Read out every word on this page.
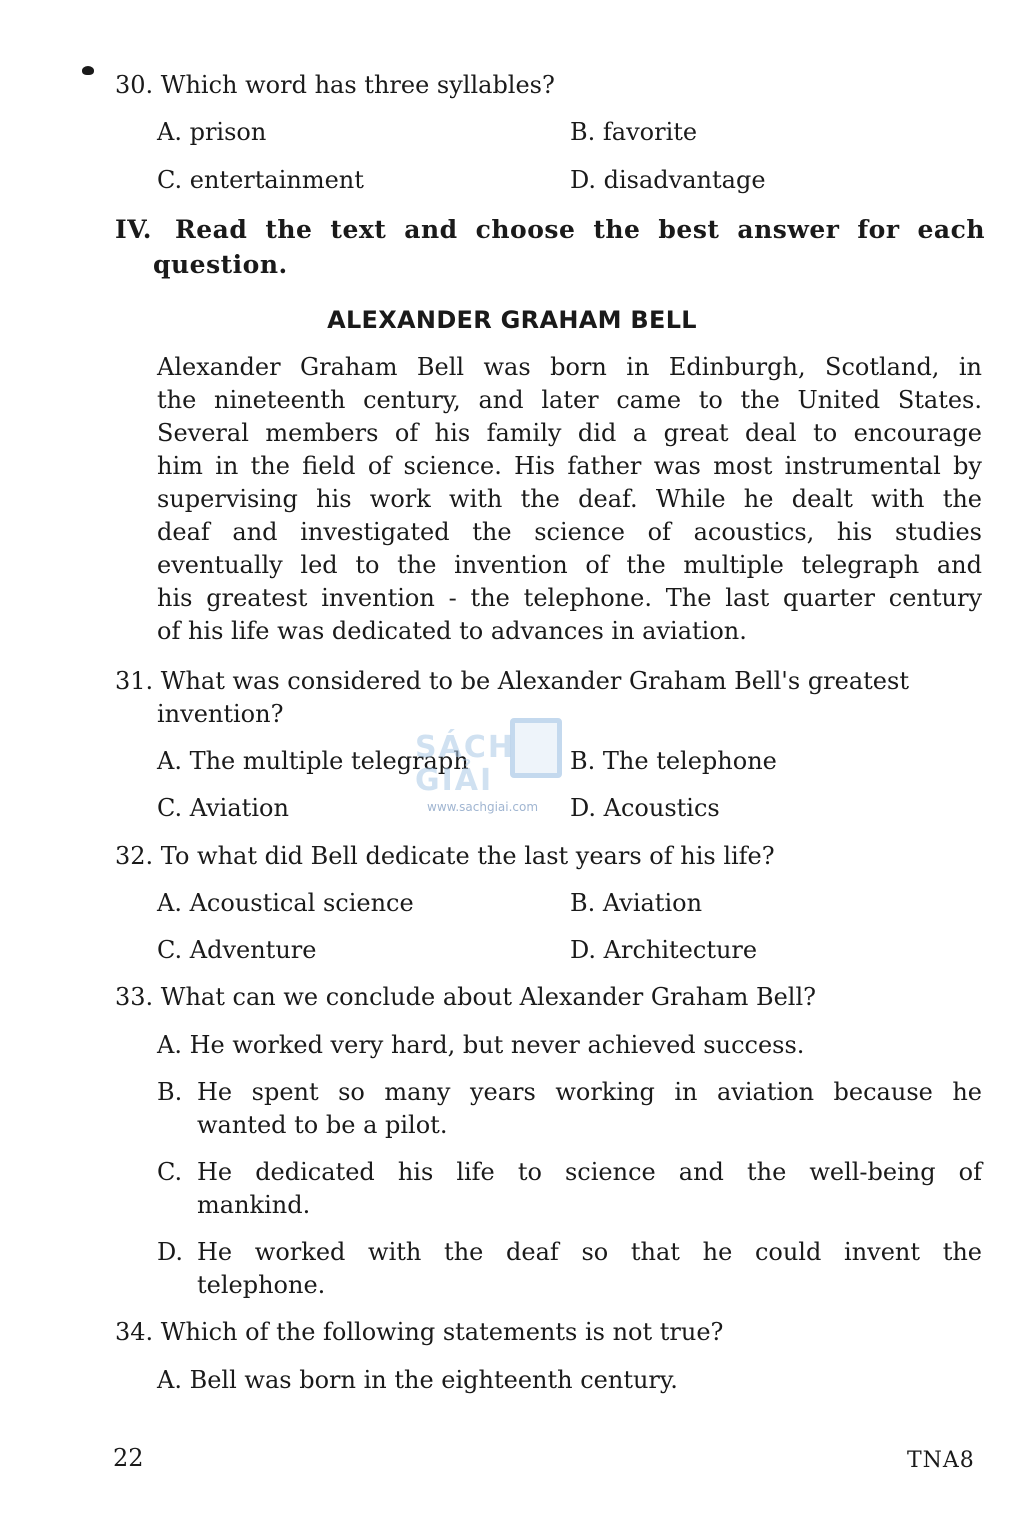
30. Which word has three syllables?
A. prison	B. favorite
C. entertainment	D. disadvantage
IV. Read the text and choose the best answer for each
question.
ALEXANDER GRAHAM BELL

Alexander Graham Bell was born in Edinburgh, Scotland, in

the nineteenth century, and later came to the United States.

Several members of his family did a great deal to encourage

him in the field of science. His father was most instrumental by

supervising his work with the deaf. While he dealt with the

deaf and investigated the science of acoustics, his studies

eventually led to the invention of the multiple telegraph and

his greatest invention - the telephone. The last quarter century

of his life was dedicated to advances in aviation.

31. What was considered to be Alexander Graham Bell's greatest
invention?
A. The multiple telegraph	B. The telephone
C. Aviation	D. Acoustics
SÁCH GIẢI
www.sachgiai.com
32. To what did Bell dedicate the last years of his life?
A. Acoustical science	B. Aviation
C. Adventure	D. Architecture
33. What can we conclude about Alexander Graham Bell?
A. He worked very hard, but never achieved success.
B. He spent so many years working in aviation because he
wanted to be a pilot.
C. He dedicated his life to science and the well-being of
mankind.
D. He worked with the deaf so that he could invent the
telephone.
34. Which of the following statements is not true?
A. Bell was born in the eighteenth century.
22	TNA8
